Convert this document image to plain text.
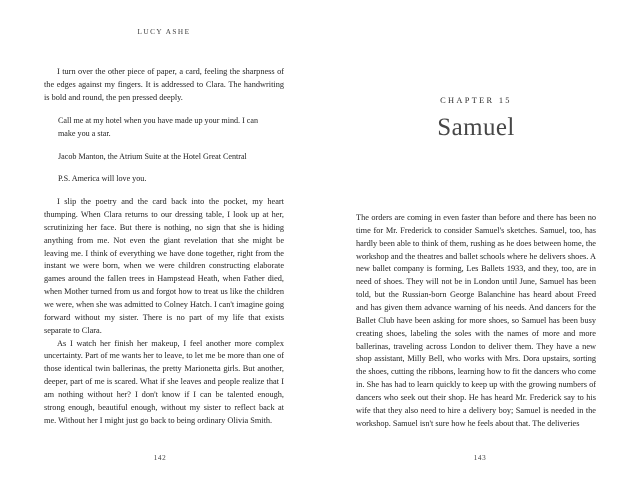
LUCY ASHE

I turn over the other piece of paper, a card, feeling the sharpness of the edges against my fingers. It is addressed to Clara. The handwriting is bold and round, the pen pressed deeply.

Call me at my hotel when you have made up your mind. I can

make you a star.

Jacob Manton, the Atrium Suite at the Hotel Great Central

P.S. America will love you.

I slip the poetry and the card back into the pocket, my heart thumping. When Clara returns to our dressing table, I look up at her, scrutinizing her face. But there is nothing, no sign that she is hiding anything from me. Not even the giant revelation that she might be leaving me. I think of everything we have done together, right from the instant we were born, when we were children constructing elaborate games around the fallen trees in Hampstead Heath, when Father died, when Mother turned from us and forgot how to treat us like the children we were, when she was admitted to Colney Hatch. I can't imagine going forward without my sister. There is no part of my life that exists separate to Clara.

As I watch her finish her makeup, I feel another more complex uncertainty. Part of me wants her to leave, to let me be more than one of those identical twin ballerinas, the pretty Marionetta girls. But another, deeper, part of me is scared. What if she leaves and people realize that I am nothing without her? I don't know if I can be talented enough, strong enough, beautiful enough, without my sister to reflect back at me. Without her I might just go back to being ordinary Olivia Smith.

142
CHAPTER 15
Samuel

The orders are coming in even faster than before and there has been no time for Mr. Frederick to consider Samuel's sketches. Samuel, too, has hardly been able to think of them, rushing as he does between home, the workshop and the theatres and ballet schools where he delivers shoes. A new ballet company is forming, Les Ballets 1933, and they, too, are in need of shoes. They will not be in London until June, Samuel has been told, but the Russian-born George Balanchine has heard about Freed and has given them advance warning of his needs. And dancers for the Ballet Club have been asking for more shoes, so Samuel has been busy creating shoes, labeling the soles with the names of more and more ballerinas, traveling across London to deliver them. They have a new shop assistant, Milly Bell, who works with Mrs. Dora upstairs, sorting the shoes, cutting the ribbons, learning how to fit the dancers who come in. She has had to learn quickly to keep up with the growing numbers of dancers who seek out their shop. He has heard Mr. Frederick say to his wife that they also need to hire a delivery boy; Samuel is needed in the workshop. Samuel isn't sure how he feels about that. The deliveries

143
